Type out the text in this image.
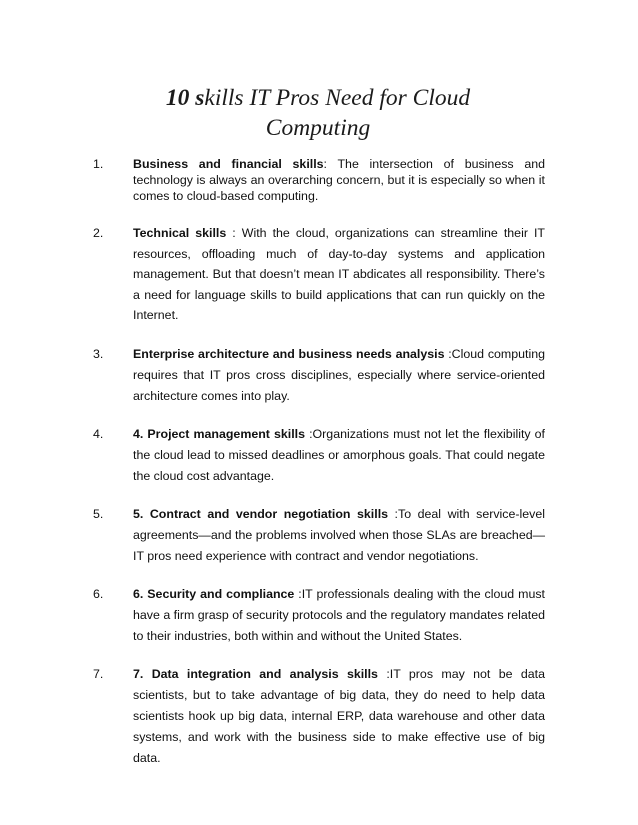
10 skills IT Pros Need for Cloud
Computing
1. Business and financial skills: The intersection of business and technology is always an overarching concern, but it is especially so when it comes to cloud-based computing.
2. Technical skills : With the cloud, organizations can streamline their IT resources, offloading much of day-to-day systems and application management. But that doesn’t mean IT abdicates all responsibility. There’s a need for language skills to build applications that can run quickly on the Internet.
3. Enterprise architecture and business needs analysis :Cloud computing requires that IT pros cross disciplines, especially where service-oriented architecture comes into play.
4. 4. Project management skills :Organizations must not let the flexibility of the cloud lead to missed deadlines or amorphous goals. That could negate the cloud cost advantage.
5. 5. Contract and vendor negotiation skills :To deal with service-level agreements—and the problems involved when those SLAs are breached—IT pros need experience with contract and vendor negotiations.
6. 6. Security and compliance :IT professionals dealing with the cloud must have a firm grasp of security protocols and the regulatory mandates related to their industries, both within and without the United States.
7. 7. Data integration and analysis skills :IT pros may not be data scientists, but to take advantage of big data, they do need to help data scientists hook up big data, internal ERP, data warehouse and other data systems, and work with the business side to make effective use of big data.
